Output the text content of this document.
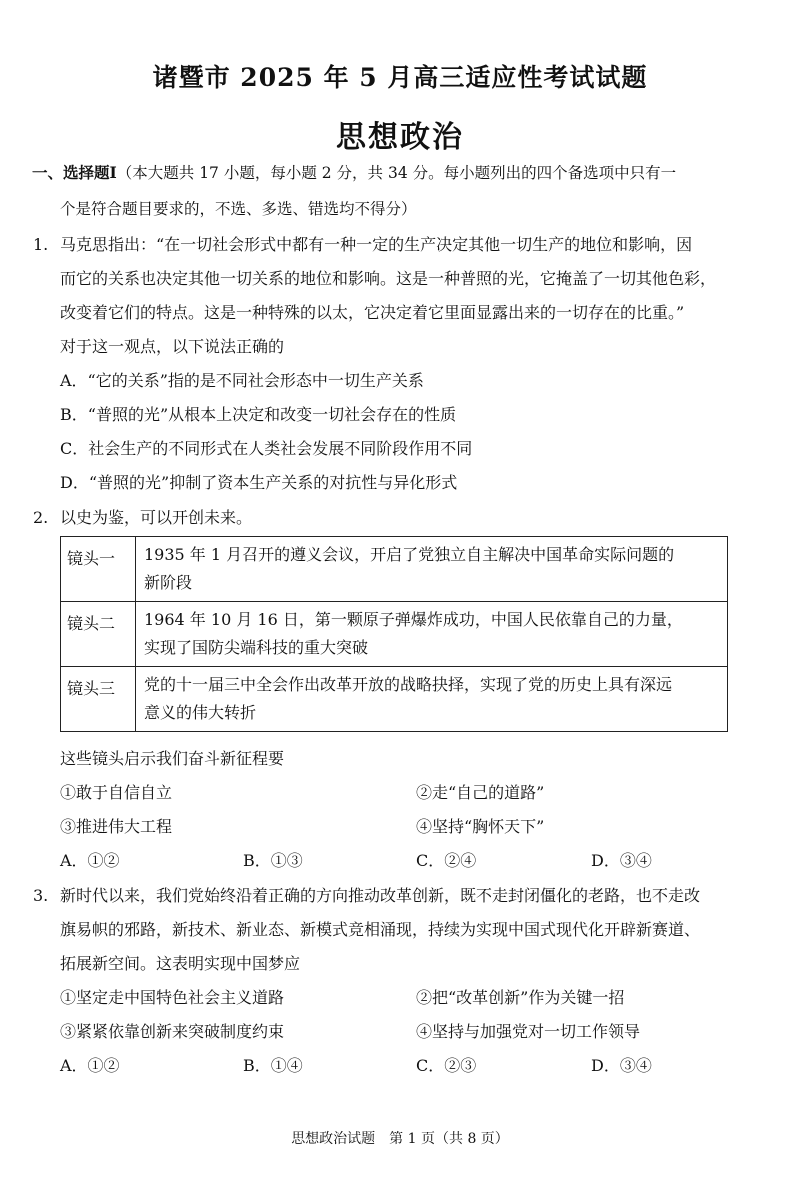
诸暨市 2025 年 5 月高三适应性考试试题
思想政治
一、选择题Ⅰ（本大题共 17 小题，每小题 2 分，共 34 分。每小题列出的四个备选项中只有一
个是符合题目要求的，不选、多选、错选均不得分）
1. 马克思指出：“在一切社会形式中都有一种一定的生产决定其他一切生产的地位和影响，因
而它的关系也决定其他一切关系的地位和影响。这是一种普照的光，它掩盖了一切其他色彩，
改变着它们的特点。这是一种特殊的以太，它决定着它里面显露出来的一切存在的比重。”
对于这一观点，以下说法正确的
A．“它的关系”指的是不同社会形态中一切生产关系
B．“普照的光”从根本上决定和改变一切社会存在的性质
C．社会生产的不同形式在人类社会发展不同阶段作用不同
D．“普照的光”抑制了资本生产关系的对抗性与异化形式
2. 以史为鉴，可以开创未来。
镜头一	1935 年 1 月召开的遵义会议，开启了党独立自主解决中国革命实际问题的
新阶段

镜头二	1964 年 10 月 16 日，第一颗原子弹爆炸成功，中国人民依靠自己的力量，
实现了国防尖端科技的重大突破

镜头三	党的十一届三中全会作出改革开放的战略抉择，实现了党的历史上具有深远
意义的伟大转折
这些镜头启示我们奋斗新征程要
①敢于自信自立	②走“自己的道路”
③推进伟大工程	④坚持“胸怀天下”
A．①②	B．①③	C．②④	D．③④
3. 新时代以来，我们党始终沿着正确的方向推动改革创新，既不走封闭僵化的老路，也不走改
旗易帜的邪路，新技术、新业态、新模式竞相涌现，持续为实现中国式现代化开辟新赛道、
拓展新空间。这表明实现中国梦应
①坚定走中国特色社会主义道路	②把“改革创新”作为关键一招
③紧紧依靠创新来突破制度约束	④坚持与加强党对一切工作领导
A．①②	B．①④	C．②③	D．③④
思想政治试题　第 1 页（共 8 页）
